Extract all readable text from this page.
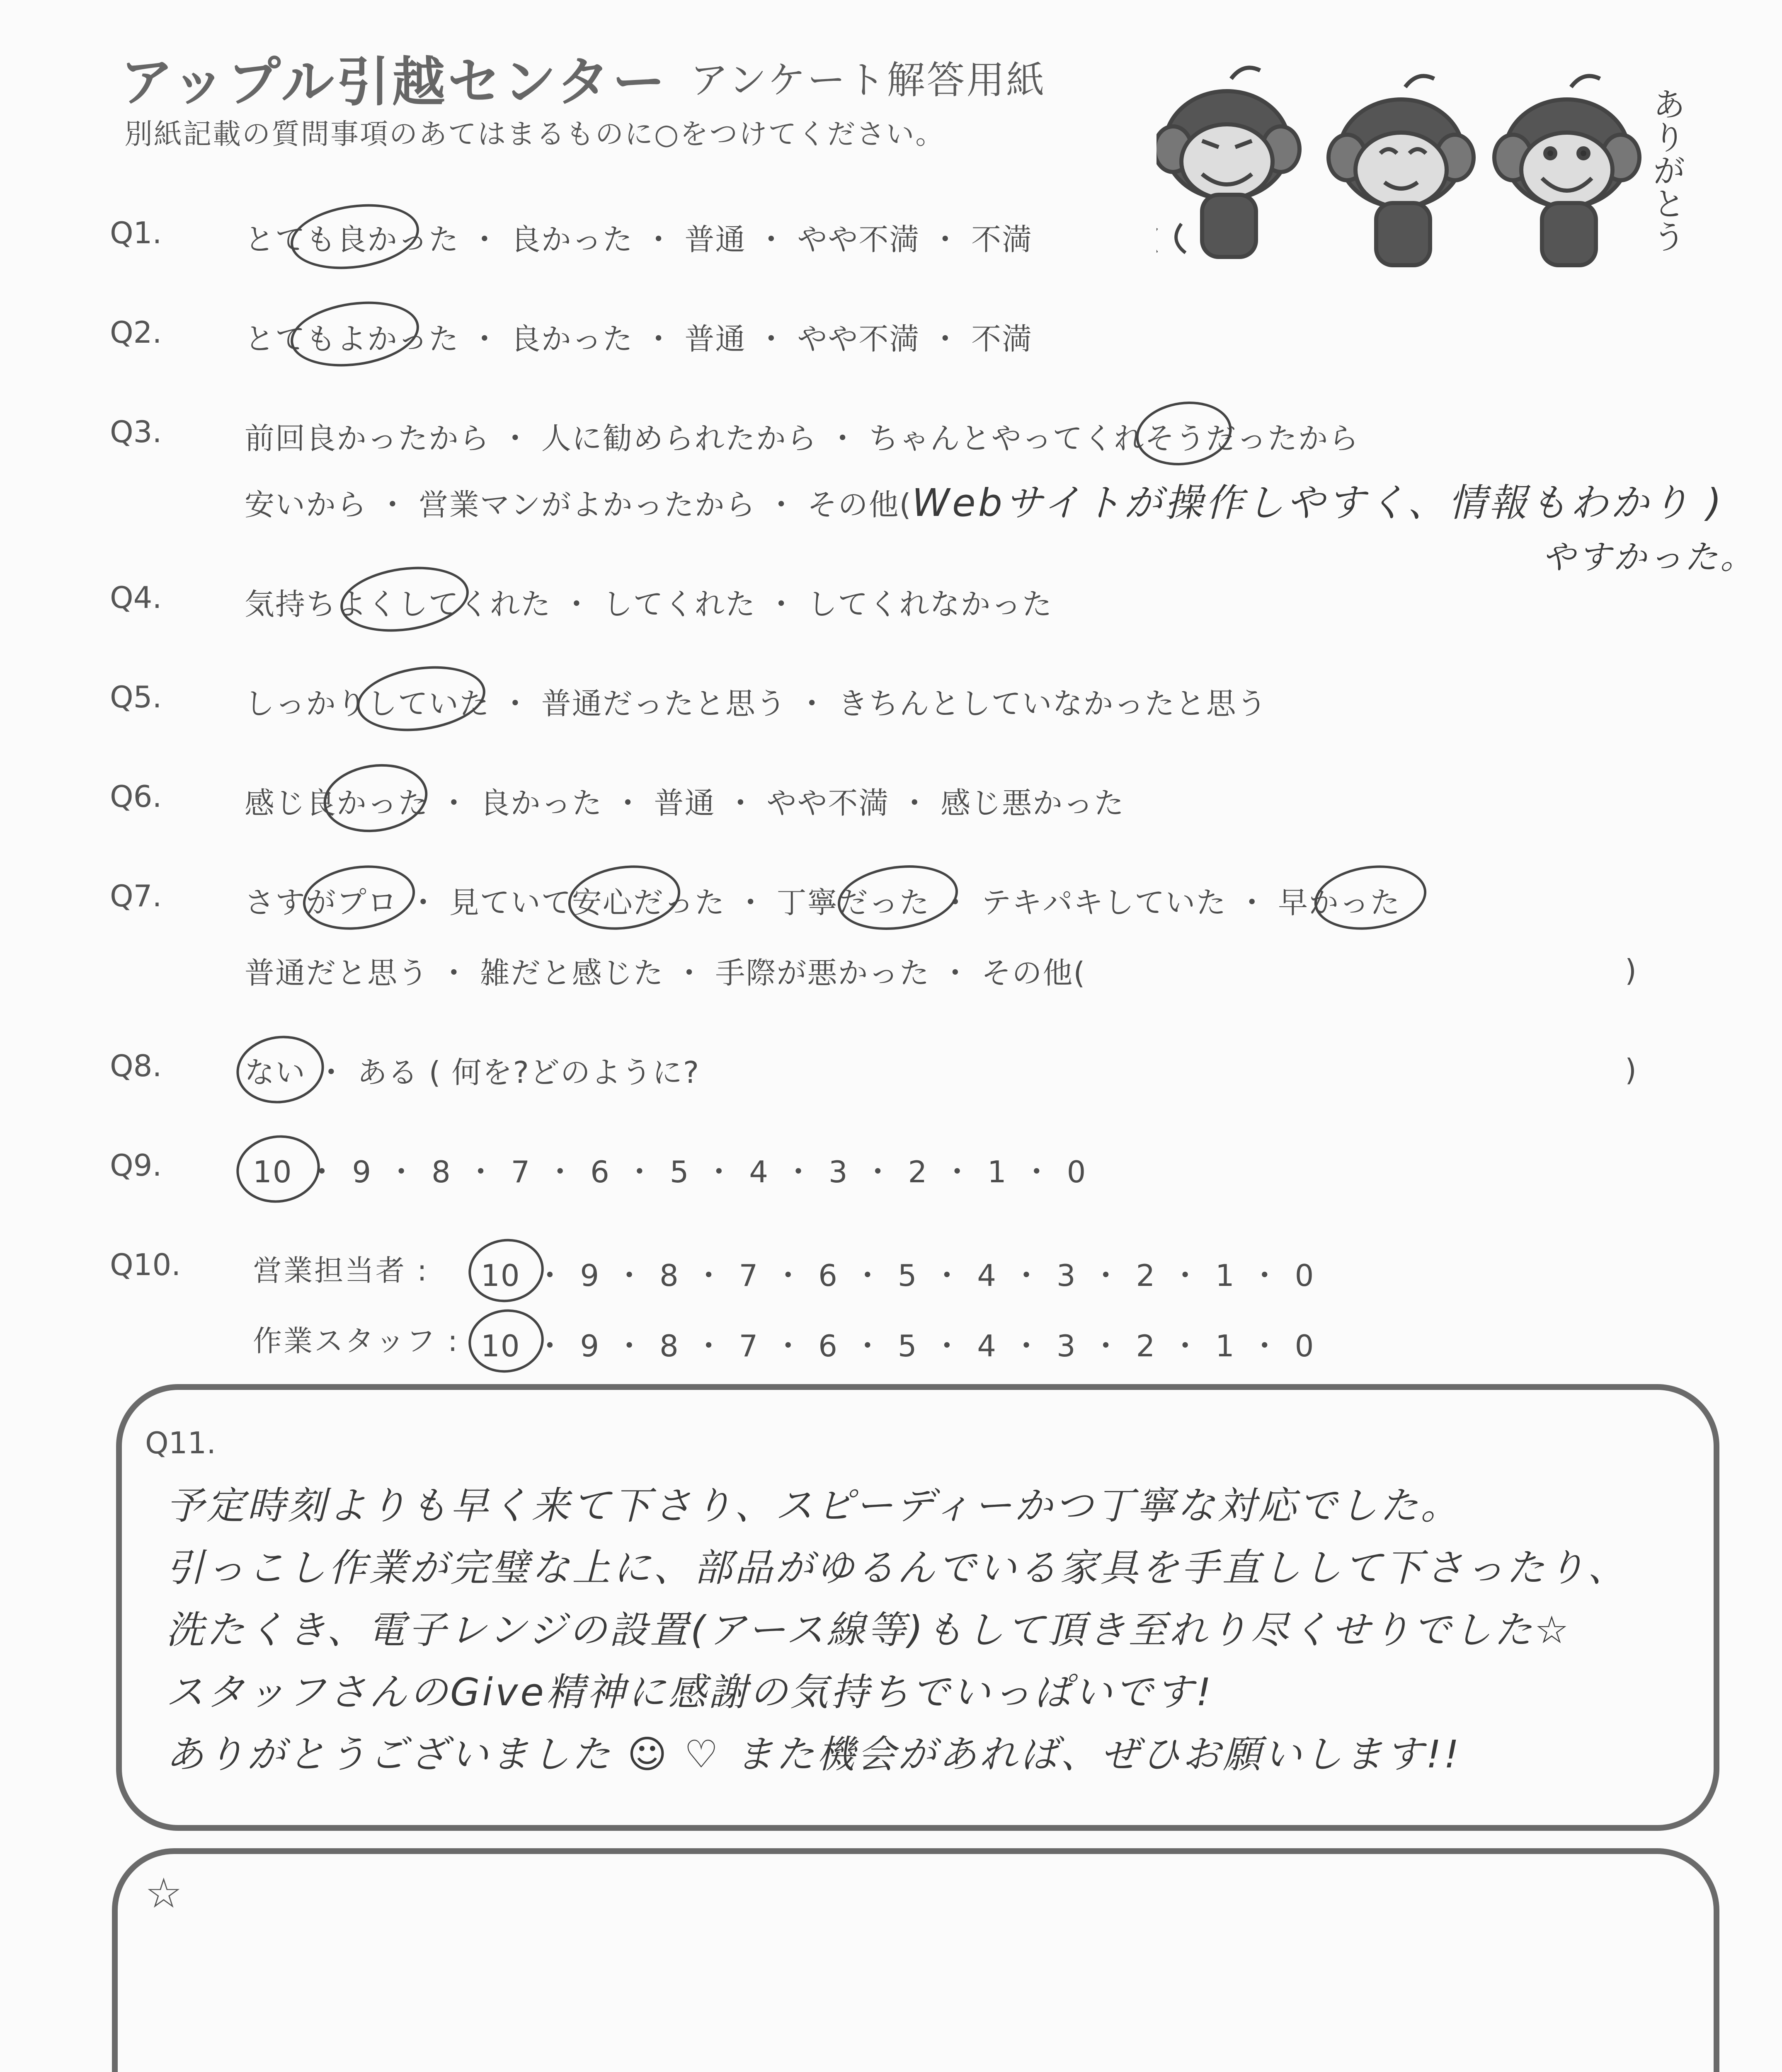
アップル引越センター アンケート解答用紙
別紙記載の質問事項のあてはまるものに○をつけてください。	ありがとう
Q1.	とても良かった ・ 良かった ・ 普通 ・ やや不満 ・ 不満
Q2.	とてもよかった ・ 良かった ・ 普通 ・ やや不満 ・ 不満
Q3.	前回良かったから ・ 人に勧められたから ・ ちゃんとやってくれそうだったから
安いから ・ 営業マンがよかったから ・ その他( Webサイトが操作しやすく、情報もわかり )
やすかった。
Q4.	気持ちよくしてくれた ・ してくれた ・ してくれなかった
Q5.	しっかりしていた ・ 普通だったと思う ・ きちんとしていなかったと思う
Q6.	感じ良かった ・ 良かった ・ 普通 ・ やや不満 ・ 感じ悪かった
Q7.	さすがプロ ・ 見ていて安心だった ・ 丁寧だった ・ テキパキしていた ・ 早かった
普通だと思う ・ 雑だと感じた ・ 手際が悪かった ・ その他(	)
Q8.	ない ・ ある ( 何を?どのように?	)
Q9.	10 ・ 9 ・ 8 ・ 7 ・ 6 ・ 5 ・ 4 ・ 3 ・ 2 ・ 1 ・ 0
Q10. 営業担当者 : 10 ・ 9 ・ 8 ・ 7 ・ 6 ・ 5 ・ 4 ・ 3 ・ 2 ・ 1 ・ 0
作業スタッフ : 10 ・ 9 ・ 8 ・ 7 ・ 6 ・ 5 ・ 4 ・ 3 ・ 2 ・ 1 ・ 0
Q11.
予定時刻よりも早く来て下さり、スピーディーかつ丁寧な対応でした。
引っこし作業が完璧な上に、部品がゆるんでいる家具を手直しして下さったり、
洗たくき、電子レンジの設置(アース線等)もして頂き至れり尽くせりでした☆
スタッフさんのGive精神に感謝の気持ちでいっぱいです!
ありがとうございました ☺ ♡ また機会があれば、ぜひお願いします!!
☆
